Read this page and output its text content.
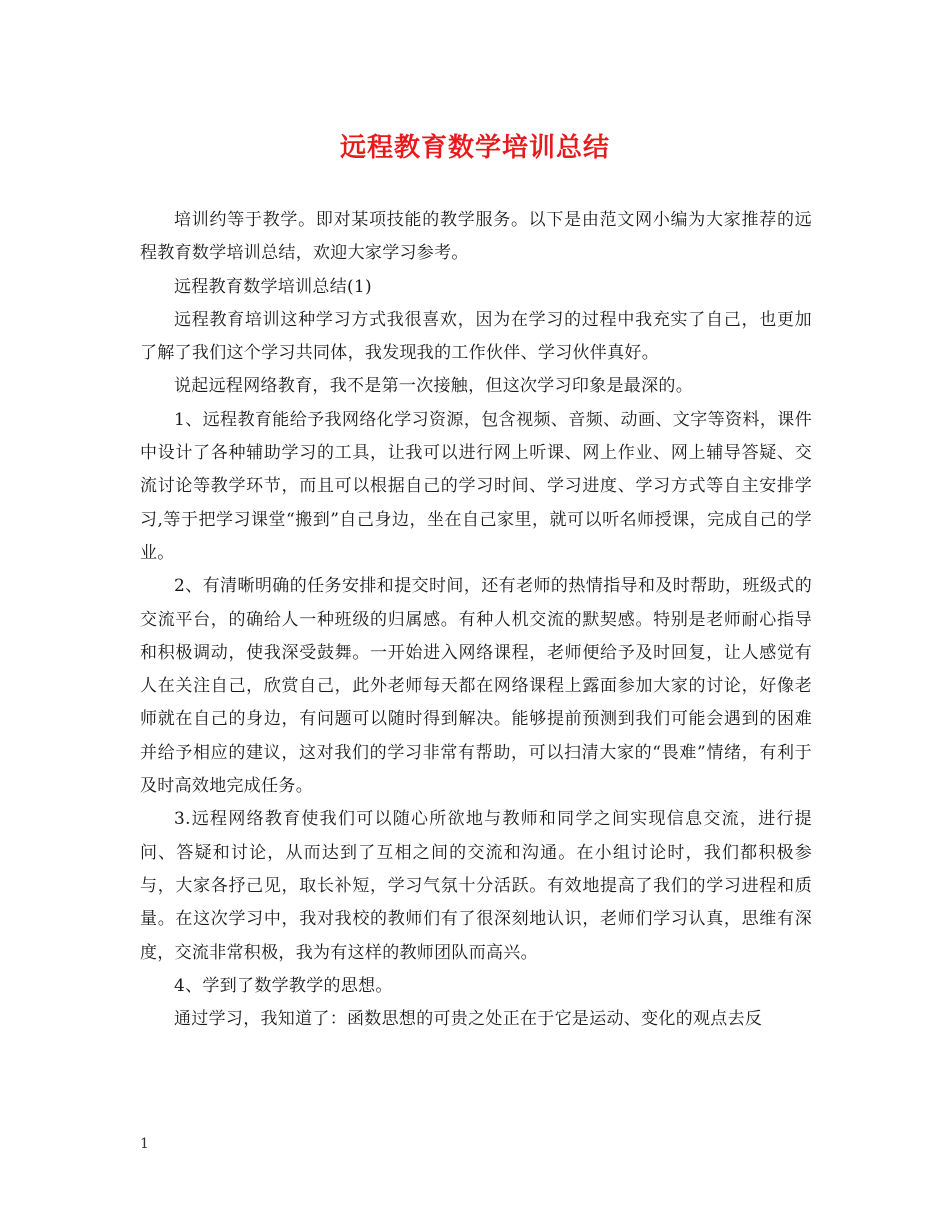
远程教育数学培训总结

培训约等于教学。即对某项技能的教学服务。以下是由范文网小编为大家推荐的远程教育数学培训总结，欢迎大家学习参考。

远程教育数学培训总结(1)

远程教育培训这种学习方式我很喜欢，因为在学习的过程中我充实了自己，也更加了解了我们这个学习共同体，我发现我的工作伙伴、学习伙伴真好。

说起远程网络教育，我不是第一次接触，但这次学习印象是最深的。

1、远程教育能给予我网络化学习资源，包含视频、音频、动画、文字等资料，课件中设计了各种辅助学习的工具，让我可以进行网上听课、网上作业、网上辅导答疑、交流讨论等教学环节，而且可以根据自己的学习时间、学习进度、学习方式等自主安排学习,等于把学习课堂“搬到”自己身边，坐在自己家里，就可以听名师授课，完成自己的学业。

2、有清晰明确的任务安排和提交时间，还有老师的热情指导和及时帮助，班级式的交流平台，的确给人一种班级的归属感。有种人机交流的默契感。特别是老师耐心指导和积极调动，使我深受鼓舞。一开始进入网络课程，老师便给予及时回复，让人感觉有人在关注自己，欣赏自己，此外老师每天都在网络课程上露面参加大家的讨论，好像老师就在自己的身边，有问题可以随时得到解决。能够提前预测到我们可能会遇到的困难并给予相应的建议，这对我们的学习非常有帮助，可以扫清大家的“畏难”情绪，有利于及时高效地完成任务。

3.远程网络教育使我们可以随心所欲地与教师和同学之间实现信息交流，进行提问、答疑和讨论，从而达到了互相之间的交流和沟通。在小组讨论时，我们都积极参与，大家各抒己见，取长补短，学习气氛十分活跃。有效地提高了我们的学习进程和质量。在这次学习中，我对我校的教师们有了很深刻地认识，老师们学习认真，思维有深度，交流非常积极，我为有这样的教师团队而高兴。

4、学到了数学教学的思想。

通过学习，我知道了：函数思想的可贵之处正在于它是运动、变化的观点去反

1
